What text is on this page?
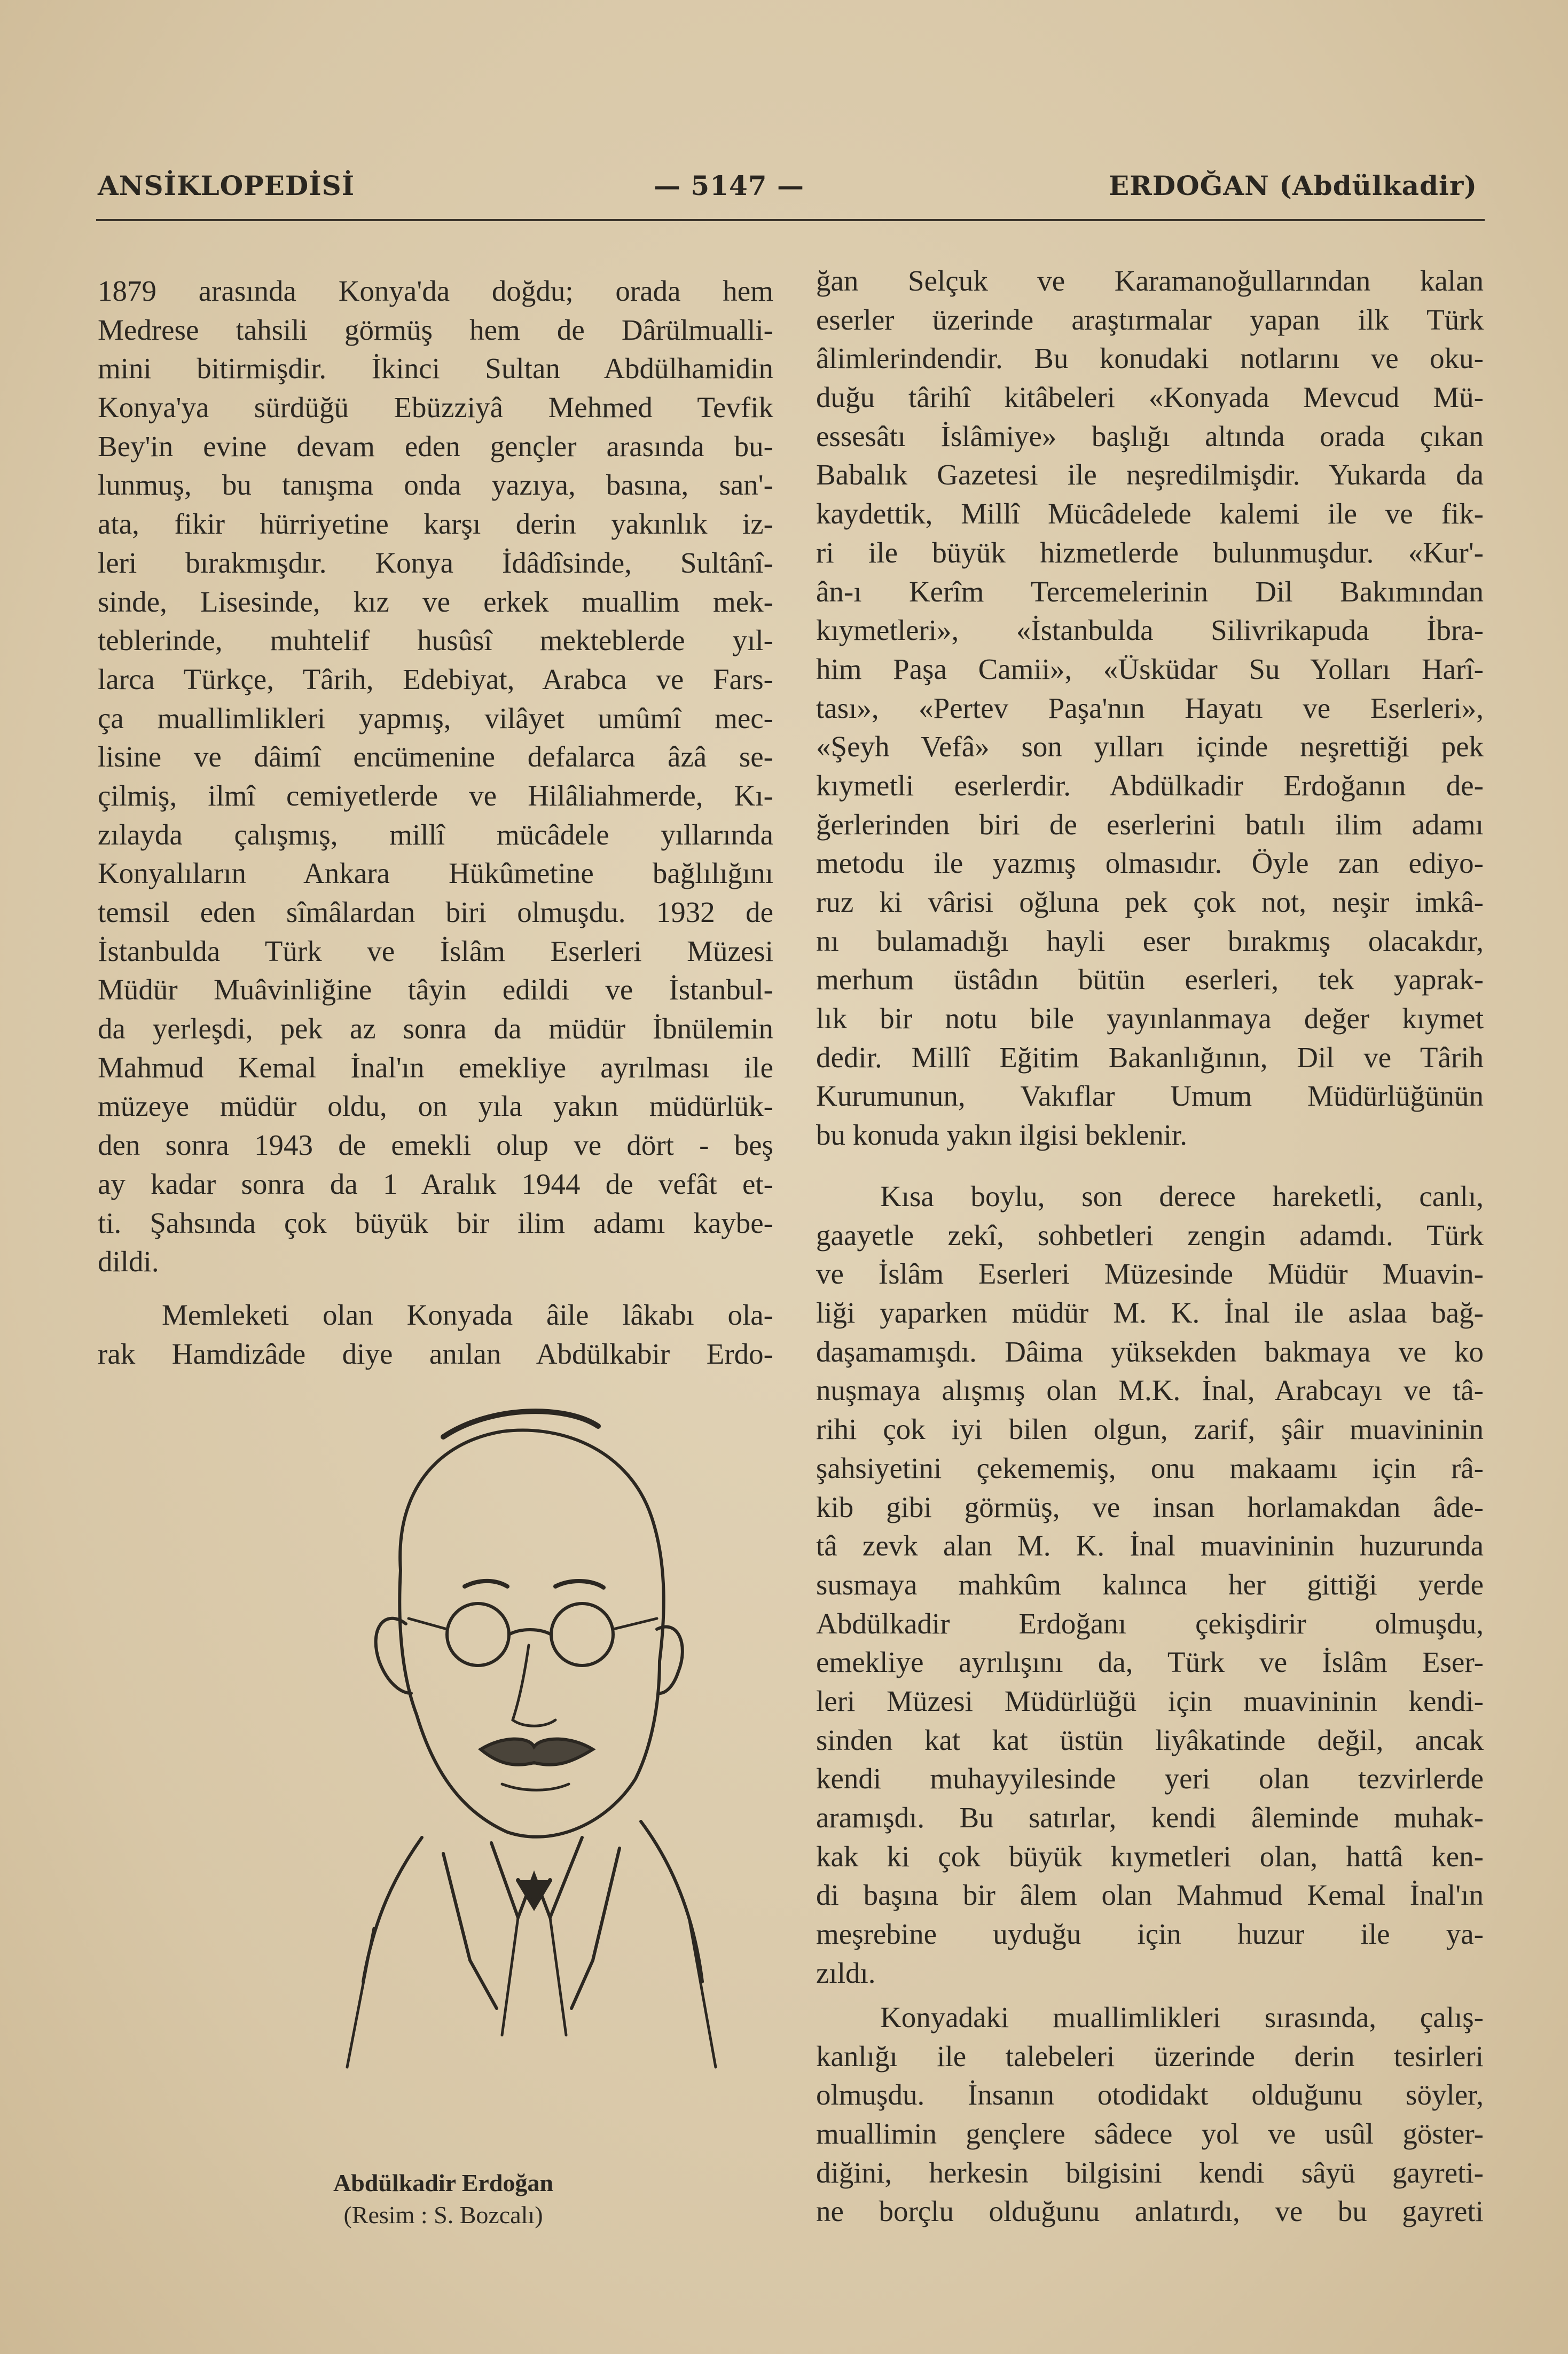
ANSİKLOPEDİSİ	— 5147 —	ERDOĞAN (Abdülkadir)
1879 arasında Konya'da doğdu; orada hem
Medrese tahsili görmüş hem de Dârülmualli-
mini bitirmişdir. İkinci Sultan Abdülhamidin
Konya'ya sürdüğü Ebüzziyâ Mehmed Tevfik
Bey'in evine devam eden gençler arasında bu-
lunmuş, bu tanışma onda yazıya, basına, san'-
ata, fikir hürriyetine karşı derin yakınlık iz-
leri bırakmışdır. Konya İdâdîsinde, Sultânî-
sinde, Lisesinde, kız ve erkek muallim mek-
teblerinde, muhtelif husûsî mekteblerde yıl-
larca Türkçe, Târih, Edebiyat, Arabca ve Fars-
ça muallimlikleri yapmış, vilâyet umûmî mec-
lisine ve dâimî encümenine defalarca âzâ se-
çilmiş, ilmî cemiyetlerde ve Hilâliahmerde, Kı-
zılayda çalışmış, millî mücâdele yıllarında
Konyalıların Ankara Hükûmetine bağlılığını
temsil eden sîmâlardan biri olmuşdu. 1932 de
İstanbulda Türk ve İslâm Eserleri Müzesi
Müdür Muâvinliğine tâyin edildi ve İstanbul-
da yerleşdi, pek az sonra da müdür İbnülemin
Mahmud Kemal İnal'ın emekliye ayrılması ile
müzeye müdür oldu, on yıla yakın müdürlük-
den sonra 1943 de emekli olup ve dört - beş
ay kadar sonra da 1 Aralık 1944 de vefât et-
ti. Şahsında çok büyük bir ilim adamı kaybe-
dildi.
Memleketi olan Konyada âile lâkabı ola-
rak Hamdizâde diye anılan Abdülkabir Erdo-
ğan Selçuk ve Karamanoğullarından kalan
eserler üzerinde araştırmalar yapan ilk Türk
âlimlerindendir. Bu konudaki notlarını ve oku-
duğu târihî kitâbeleri «Konyada Mevcud Mü-
essesâtı İslâmiye» başlığı altında orada çıkan
Babalık Gazetesi ile neşredilmişdir. Yukarda da
kaydettik, Millî Mücâdelede kalemi ile ve fik-
ri ile büyük hizmetlerde bulunmuşdur. «Kur'-
ân-ı Kerîm Tercemelerinin Dil Bakımından
kıymetleri», «İstanbulda Silivrikapuda İbra-
him Paşa Camii», «Üsküdar Su Yolları Harî-
tası», «Pertev Paşa'nın Hayatı ve Eserleri»,
«Şeyh Vefâ» son yılları içinde neşrettiği pek
kıymetli eserlerdir. Abdülkadir Erdoğanın de-
ğerlerinden biri de eserlerini batılı ilim adamı
metodu ile yazmış olmasıdır. Öyle zan ediyo-
ruz ki vârisi oğluna pek çok not, neşir imkâ-
nı bulamadığı hayli eser bırakmış olacakdır,
merhum üstâdın bütün eserleri, tek yaprak-
lık bir notu bile yayınlanmaya değer kıymet
dedir. Millî Eğitim Bakanlığının, Dil ve Târih
Kurumunun, Vakıflar Umum Müdürlüğünün
bu konuda yakın ilgisi beklenir.
Kısa boylu, son derece hareketli, canlı,
gaayetle zekî, sohbetleri zengin adamdı. Türk
ve İslâm Eserleri Müzesinde Müdür Muavin-
liği yaparken müdür M. K. İnal ile aslaa bağ-
daşamamışdı. Dâima yüksekden bakmaya ve ko
nuşmaya alışmış olan M.K. İnal, Arabcayı ve tâ-
rihi çok iyi bilen olgun, zarif, şâir muavininin
şahsiyetini çekememiş, onu makaamı için râ-
kib gibi görmüş, ve insan horlamakdan âde-
tâ zevk alan M. K. İnal muavininin huzurunda
susmaya mahkûm kalınca her gittiği yerde
Abdülkadir Erdoğanı çekişdirir olmuşdu,
emekliye ayrılışını da, Türk ve İslâm Eser-
leri Müzesi Müdürlüğü için muavininin kendi-
sinden kat kat üstün liyâkatinde değil, ancak
kendi muhayyilesinde yeri olan tezvirlerde
aramışdı. Bu satırlar, kendi âleminde muhak-
kak ki çok büyük kıymetleri olan, hattâ ken-
di başına bir âlem olan Mahmud Kemal İnal'ın
meşrebine uyduğu için huzur ile ya-
zıldı.
Konyadaki muallimlikleri sırasında, çalış-
kanlığı ile talebeleri üzerinde derin tesirleri
olmuşdu. İnsanın otodidakt olduğunu söyler,
muallimin gençlere sâdece yol ve usûl göster-
diğini, herkesin bilgisini kendi sâyü gayreti-
ne borçlu olduğunu anlatırdı, ve bu gayreti
Abdülkadir Erdoğan
(Resim : S. Bozcalı)
